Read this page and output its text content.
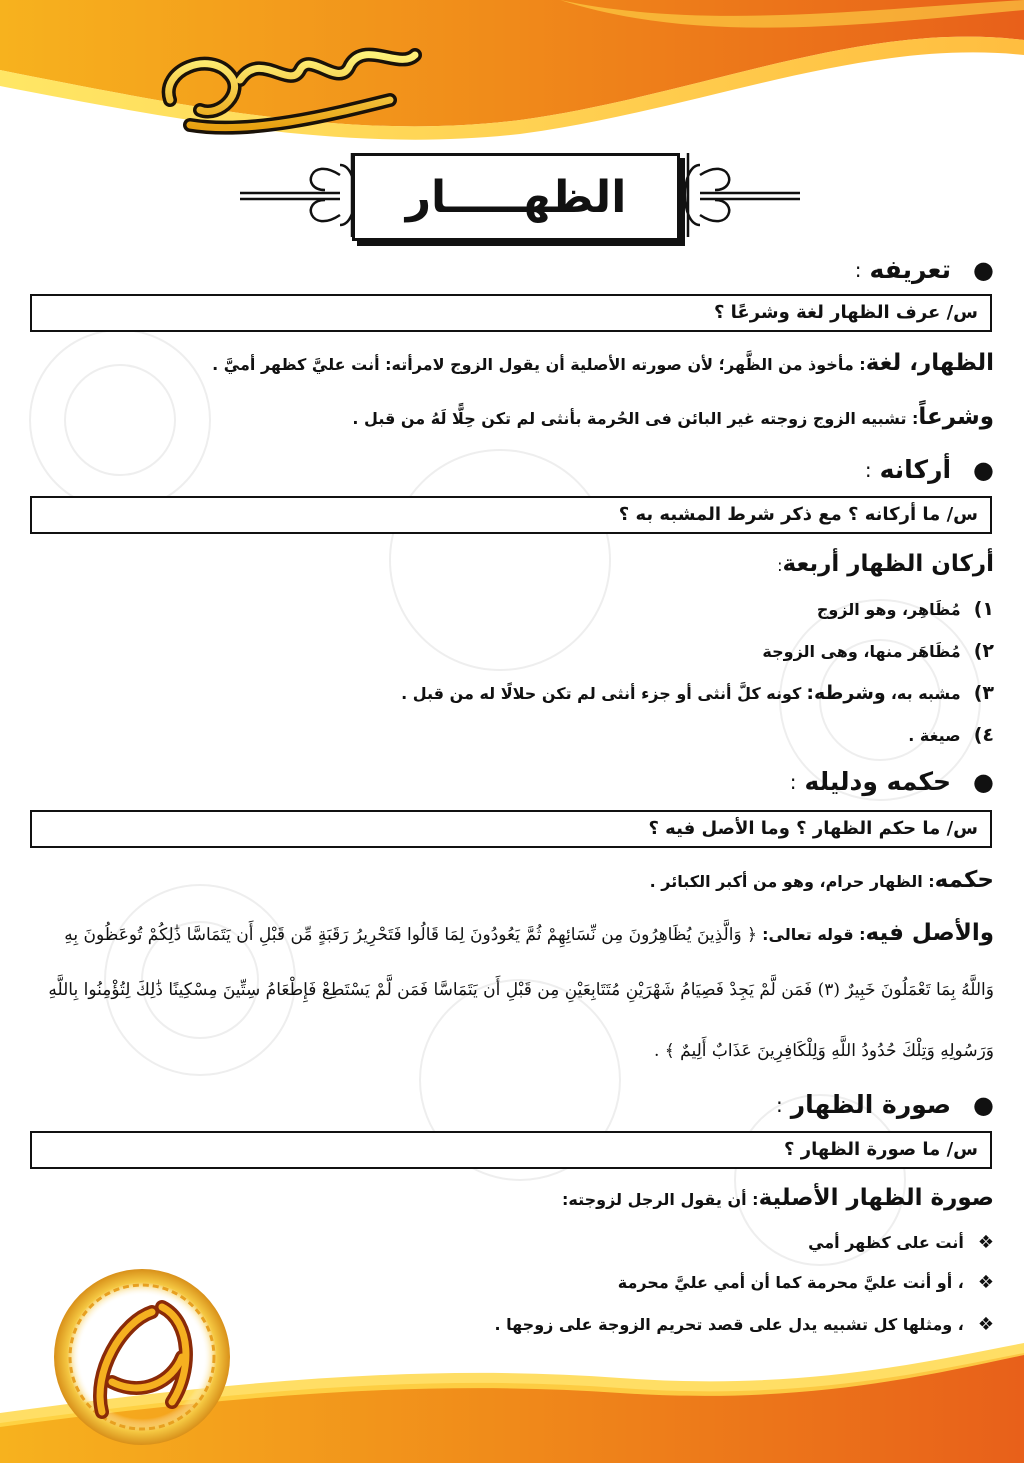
صهيب محمد
الظهـــــار
●
تعريفه
:
س/ عرف الظهار لغة وشرعًا ؟
الظهار، لغة: مأخوذ من الظَّهر؛ لأن صورته الأصلية أن يقول الزوج لامرأته: أنت عليَّ كظهر أميَّ .
وشرعاً: تشبيه الزوج زوجته غير البائن فى الحُرمة بأنثى لم تكن حِلًّا لَهُ من قبل .
●
أركانه
:
س/ ما أركانه ؟ مع ذكر شرط المشبه به ؟
أركان الظهار أربعة:
١) مُظَاهِر، وهو الزوج
٢) مُظَاهَر منها، وهى الزوجة
٣) مشبه به، وشرطه: كونه كلَّ أنثى أو جزء أنثى لم تكن حلالًا له من قبل .
٤) صيغة .
●
حكمه ودليله
:
س/ ما حكم الظهار ؟ وما الأصل فيه ؟
حكمه: الظهار حرام، وهو من أكبر الكبائر .
والأصل فيه: قوله تعالى: ﴿ وَالَّذِينَ يُظَاهِرُونَ مِن نِّسَائِهِمْ ثُمَّ يَعُودُونَ لِمَا قَالُوا فَتَحْرِيرُ رَقَبَةٍ مِّن قَبْلِ أَن يَتَمَاسَّا ذَٰلِكُمْ تُوعَظُونَ بِهِ
وَاللَّهُ بِمَا تَعْمَلُونَ خَبِيرٌ (٣) فَمَن لَّمْ يَجِدْ فَصِيَامُ شَهْرَيْنِ مُتَتَابِعَيْنِ مِن قَبْلِ أَن يَتَمَاسَّا فَمَن لَّمْ يَسْتَطِعْ فَإِطْعَامُ سِتِّينَ مِسْكِينًا ذَٰلِكَ لِتُؤْمِنُوا بِاللَّهِ
وَرَسُولِهِ وَتِلْكَ حُدُودُ اللَّهِ وَلِلْكَافِرِينَ عَذَابٌ أَلِيمٌ ﴾ .
●
صورة الظهار
:
س/ ما صورة الظهار ؟
صورة الظهار الأصلية: أن يقول الرجل لزوجته:
❖أنت على كظهر أمي
❖، أو أنت عليَّ محرمة كما أن أمي عليَّ محرمة
❖، ومثلها كل تشبيه يدل على قصد تحريم الزوجة على زوجها .
سلسلة الفاتح
